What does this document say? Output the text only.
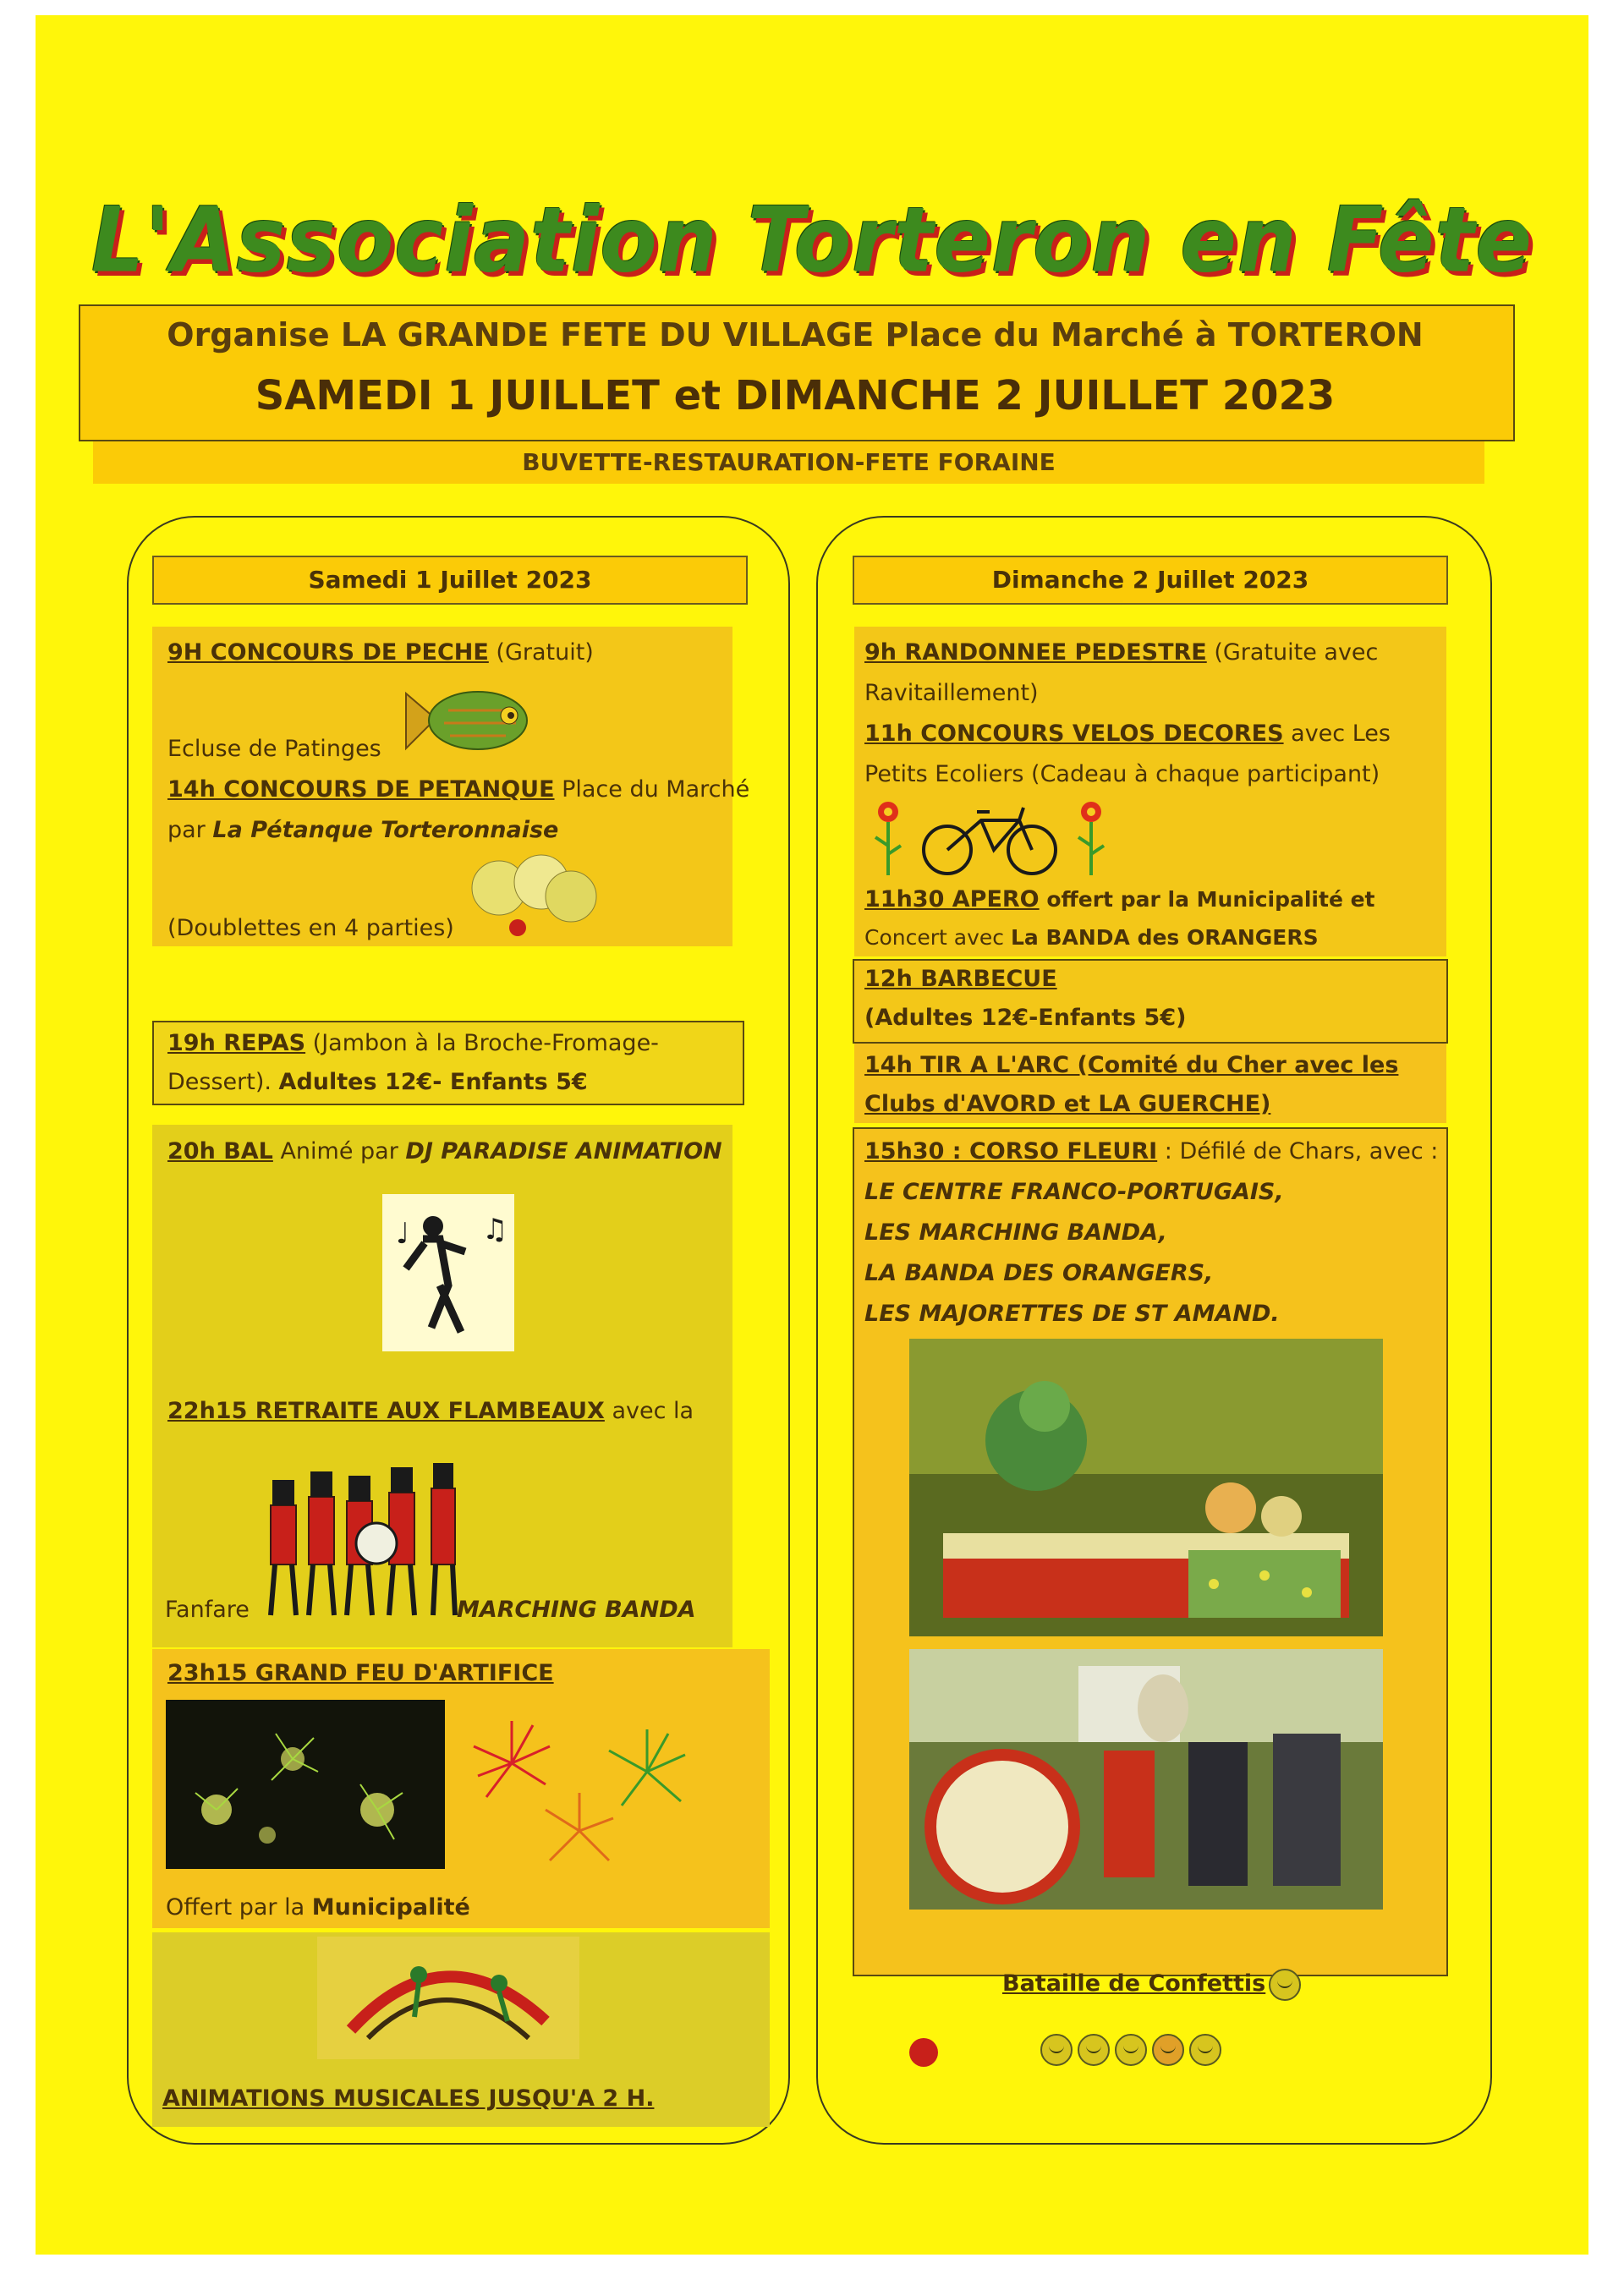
L'Association Torteron en Fête
Organise LA GRANDE FETE DU VILLAGE Place du Marché à TORTERON
SAMEDI 1 JUILLET et DIMANCHE 2 JUILLET 2023
BUVETTE-RESTAURATION-FETE FORAINE
Samedi 1 Juillet 2023
9H CONCOURS DE PECHE (Gratuit)
Ecluse de Patinges
14h CONCOURS DE PETANQUE Place du Marché
par La Pétanque Torteronnaise
(Doublettes en 4 parties)
19h REPAS (Jambon à la Broche-Fromage-
Dessert). Adultes 12€- Enfants 5€
20h BAL Animé par DJ PARADISE ANIMATION
♩	♫
22h15 RETRAITE AUX FLAMBEAUX avec la
Fanfare	MARCHING BANDA
23h15 GRAND FEU D'ARTIFICE
Offert par la Municipalité
ANIMATIONS MUSICALES JUSQU'A 2 H.
Dimanche 2 Juillet 2023
9h RANDONNEE PEDESTRE (Gratuite avec
Ravitaillement)
11h CONCOURS VELOS DECORES avec Les
Petits Ecoliers (Cadeau à chaque participant)
11h30 APERO offert par la Municipalité et
Concert avec La BANDA des ORANGERS
12h BARBECUE
(Adultes 12€-Enfants 5€)
14h TIR A L'ARC (Comité du Cher avec les
Clubs d'AVORD et LA GUERCHE)
15h30 : CORSO FLEURI : Défilé de Chars, avec :
LE CENTRE FRANCO-PORTUGAIS,
LES MARCHING BANDA,
LA BANDA DES ORANGERS,
LES MAJORETTES DE ST AMAND.
Bataille de Confettis
